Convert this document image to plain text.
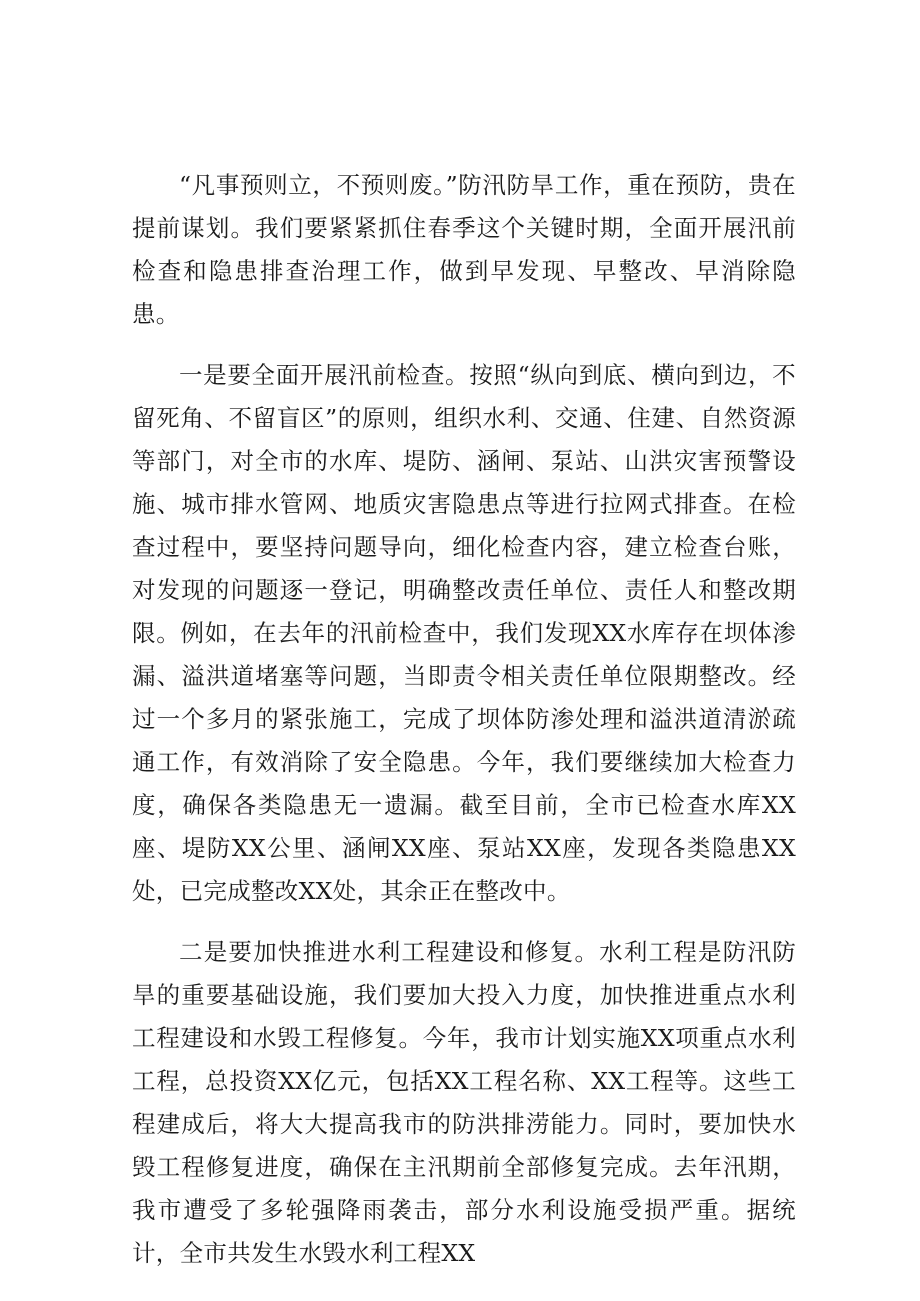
“凡事预则立，不预则废。”防汛防旱工作，重在预防，贵在提前谋划。我们要紧紧抓住春季这个关键时期，全面开展汛前检查和隐患排查治理工作，做到早发现、早整改、早消除隐患。

一是要全面开展汛前检查。按照“纵向到底、横向到边，不留死角、不留盲区”的原则，组织水利、交通、住建、自然资源等部门，对全市的水库、堤防、涵闸、泵站、山洪灾害预警设施、城市排水管网、地质灾害隐患点等进行拉网式排查。在检查过程中，要坚持问题导向，细化检查内容，建立检查台账，对发现的问题逐一登记，明确整改责任单位、责任人和整改期限。例如，在去年的汛前检查中，我们发现XX水库存在坝体渗漏、溢洪道堵塞等问题，当即责令相关责任单位限期整改。经过一个多月的紧张施工，完成了坝体防渗处理和溢洪道清淤疏通工作，有效消除了安全隐患。今年，我们要继续加大检查力度，确保各类隐患无一遗漏。截至目前，全市已检查水库XX座、堤防XX公里、涵闸XX座、泵站XX座，发现各类隐患XX处，已完成整改XX处，其余正在整改中。

二是要加快推进水利工程建设和修复。水利工程是防汛防旱的重要基础设施，我们要加大投入力度，加快推进重点水利工程建设和水毁工程修复。今年，我市计划实施XX项重点水利工程，总投资XX亿元，包括XX工程名称、XX工程等。这些工程建成后，将大大提高我市的防洪排涝能力。同时，要加快水毁工程修复进度，确保在主汛期前全部修复完成。去年汛期，我市遭受了多轮强降雨袭击，部分水利设施受损严重。据统计，全市共发生水毁水利工程XX
